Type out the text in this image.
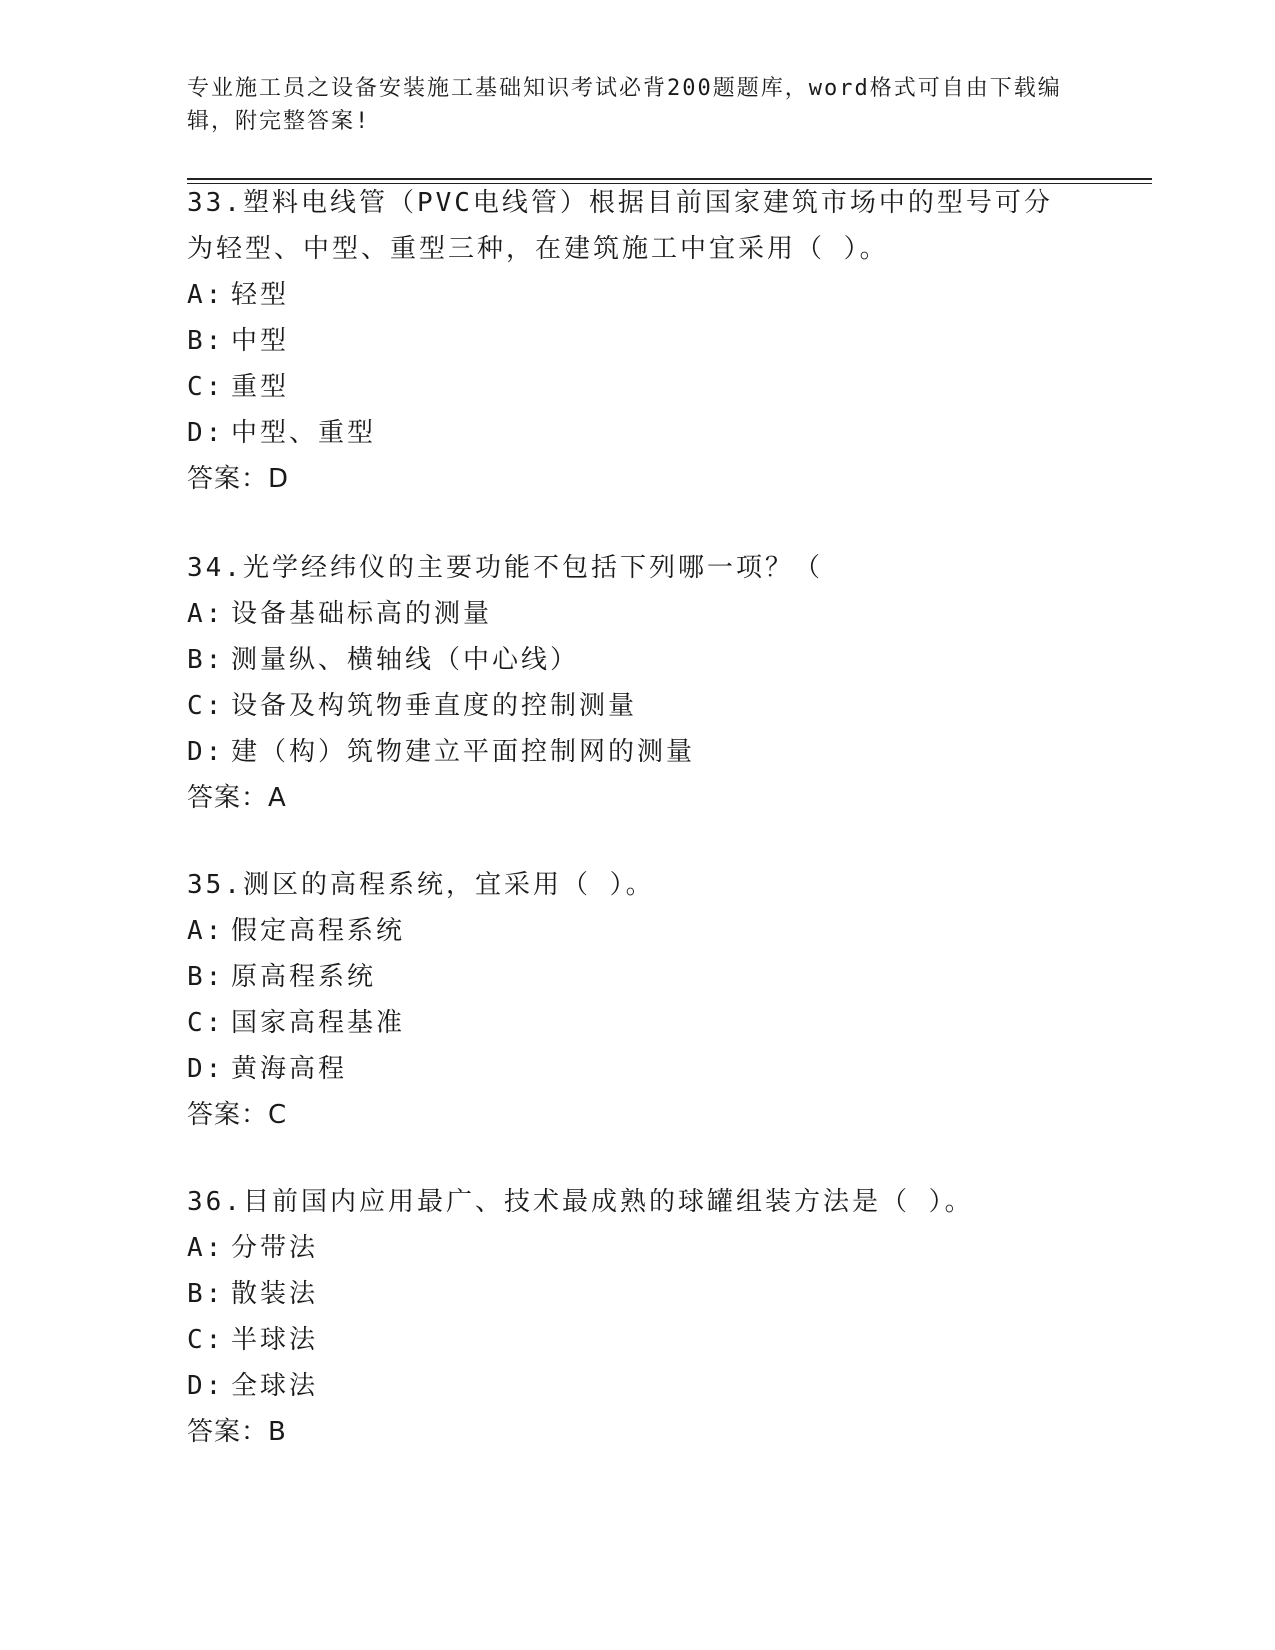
专业施工员之设备安装施工基础知识考试必背200题题库，word格式可自由下载编辑，附完整答案!

33.塑料电线管（PVC电线管）根据目前国家建筑市场中的型号可分为轻型、中型、重型三种，在建筑施工中宜采用（ ）。

A: 轻型

B: 中型

C: 重型

D: 中型、重型

答案：D

34.光学经纬仪的主要功能不包括下列哪一项？（

A: 设备基础标高的测量

B: 测量纵、横轴线（中心线）

C: 设备及构筑物垂直度的控制测量

D: 建（构）筑物建立平面控制网的测量

答案：A

35.测区的高程系统，宜采用（ ）。

A: 假定高程系统

B: 原高程系统

C: 国家高程基准

D: 黄海高程

答案：C

36.目前国内应用最广、技术最成熟的球罐组装方法是（ ）。

A: 分带法

B: 散装法

C: 半球法

D: 全球法

答案：B
